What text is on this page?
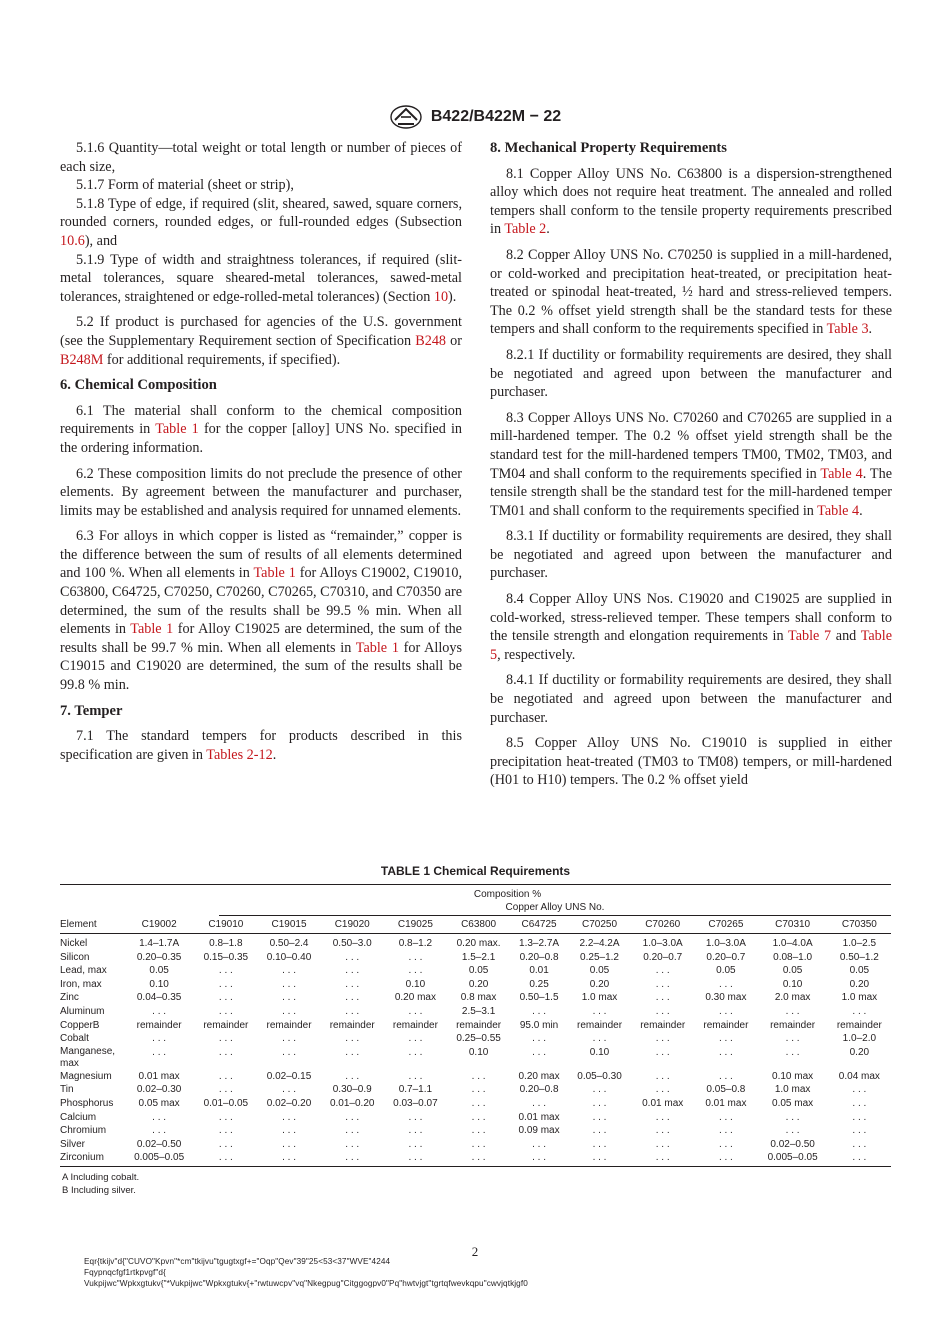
B422/B422M − 22

5.1.6 Quantity—total weight or total length or number of pieces of each size,

5.1.7 Form of material (sheet or strip),

5.1.8 Type of edge, if required (slit, sheared, sawed, square corners, rounded corners, rounded edges, or full-rounded edges (Subsection 10.6), and

5.1.9 Type of width and straightness tolerances, if required (slit-metal tolerances, square sheared-metal tolerances, sawed-metal tolerances, straightened or edge-rolled-metal tolerances) (Section 10).

5.2 If product is purchased for agencies of the U.S. government (see the Supplementary Requirement section of Specification B248 or B248M for additional requirements, if specified).

6. Chemical Composition

6.1 The material shall conform to the chemical composition requirements in Table 1 for the copper [alloy] UNS No. specified in the ordering information.

6.2 These composition limits do not preclude the presence of other elements. By agreement between the manufacturer and purchaser, limits may be established and analysis required for unnamed elements.

6.3 For alloys in which copper is listed as “remainder,” copper is the difference between the sum of results of all elements determined and 100 %. When all elements in Table 1 for Alloys C19002, C19010, C63800, C64725, C70250, C70260, C70265, C70310, and C70350 are determined, the sum of the results shall be 99.5 % min. When all elements in Table 1 for Alloy C19025 are determined, the sum of the results shall be 99.7 % min. When all elements in Table 1 for Alloys C19015 and C19020 are determined, the sum of the results shall be 99.8 % min.

7. Temper

7.1 The standard tempers for products described in this specification are given in Tables 2-12.

8. Mechanical Property Requirements

8.1 Copper Alloy UNS No. C63800 is a dispersion-strengthened alloy which does not require heat treatment. The annealed and rolled tempers shall conform to the tensile property requirements prescribed in Table 2.

8.2 Copper Alloy UNS No. C70250 is supplied in a mill-hardened, or cold-worked and precipitation heat-treated, or precipitation heat-treated or spinodal heat-treated, ½ hard and stress-relieved tempers. The 0.2 % offset yield strength shall be the standard tests for these tempers and shall conform to the requirements specified in Table 3.

8.2.1 If ductility or formability requirements are desired, they shall be negotiated and agreed upon between the manufacturer and purchaser.

8.3 Copper Alloys UNS No. C70260 and C70265 are supplied in a mill-hardened temper. The 0.2 % offset yield strength shall be the standard test for the mill-hardened tempers TM00, TM02, TM03, and TM04 and shall conform to the requirements specified in Table 4. The tensile strength shall be the standard test for the mill-hardened temper TM01 and shall conform to the requirements specified in Table 4.

8.3.1 If ductility or formability requirements are desired, they shall be negotiated and agreed upon between the manufacturer and purchaser.

8.4 Copper Alloy UNS Nos. C19020 and C19025 are supplied in cold-worked, stress-relieved temper. These tempers shall conform to the tensile strength and elongation requirements in Table 7 and Table 5, respectively.

8.4.1 If ductility or formability requirements are desired, they shall be negotiated and agreed upon between the manufacturer and purchaser.

8.5 Copper Alloy UNS No. C19010 is supplied in either precipitation heat-treated (TM03 to TM08) tempers, or mill-hardened (H01 to H10) tempers. The 0.2 % offset yield

TABLE 1 Chemical Requirements

	Composition %
Copper Alloy UNS No.											

Element	C19002	C19010	C19015	C19020	C19025	C63800	C64725	C70250	C70260	C70265	C70310	C70350
Nickel	1.4–1.7A	0.8–1.8	0.50–2.4	0.50–3.0	0.8–1.2	0.20 max.	1.3–2.7A	2.2–4.2A	1.0–3.0A	1.0–3.0A	1.0–4.0A	1.0–2.5
Silicon	0.20–0.35	0.15–0.35	0.10–0.40	. . .	. . .	1.5–2.1	0.20–0.8	0.25–1.2	0.20–0.7	0.20–0.7	0.08–1.0	0.50–1.2
Lead, max	0.05	. . .	. . .	. . .	. . .	0.05	0.01	0.05	. . .	0.05	0.05	0.05
Iron, max	0.10	. . .	. . .	. . .	0.10	0.20	0.25	0.20	. . .	. . .	0.10	0.20
Zinc	0.04–0.35	. . .	. . .	. . .	0.20 max	0.8 max	0.50–1.5	1.0 max	. . .	0.30 max	2.0 max	1.0 max
Aluminum	. . .	. . .	. . .	. . .	. . .	2.5–3.1	. . .	. . .	. . .	. . .	. . .	. . .
CopperB	remainder	remainder	remainder	remainder	remainder	remainder	95.0 min	remainder	remainder	remainder	remainder	remainder
Cobalt	. . .	. . .	. . .	. . .	. . .	0.25–0.55	. . .	. . .	. . .	. . .	. . .	1.0–2.0
Manganese, max	. . .	. . .	. . .	. . .	. . .	0.10	. . .	0.10	. . .	. . .	. . .	0.20
Magnesium	0.01 max	. . .	0.02–0.15	. . .	. . .	. . .	0.20 max	0.05–0.30	. . .	. . .	0.10 max	0.04 max
Tin	0.02–0.30	. . .	. . .	0.30–0.9	0.7–1.1	. . .	0.20–0.8	. . .	. . .	0.05–0.8	1.0 max	. . .
Phosphorus	0.05 max	0.01–0.05	0.02–0.20	0.01–0.20	0.03–0.07	. . .	. . .	. . .	0.01 max	0.01 max	0.05 max	. . .
Calcium	. . .	. . .	. . .	. . .	. . .	. . .	0.01 max	. . .	. . .	. . .	. . .	. . .
Chromium	. . .	. . .	. . .	. . .	. . .	. . .	0.09 max	. . .	. . .	. . .	. . .	. . .
Silver	0.02–0.50	. . .	. . .	. . .	. . .	. . .	. . .	. . .	. . .	. . .	0.02–0.50	. . .
Zirconium	0.005–0.05	. . .	. . .	. . .	. . .	. . .	. . .	. . .	. . .	. . .	0.005–0.05	. . .
A Including cobalt.
B Including silver.
2
Eqr{tkijv"d{"CUVO"Kpvn"*cm"tkijvu"tgugtxgf+="Oqp"Qev"39"25<53<37"WVE"4244
Fqypnqcfgf1rtkpvgf"d{
Vukpijwc"Wpkxgtukv{"*Vukpijwc"Wpkxgtukv{+"rwtuwcpv"vq"Nkegpug"Citggogpv0"Pq"hwtvjgt"tgrtqfwevkqpu"cwvjqtkjgf0
